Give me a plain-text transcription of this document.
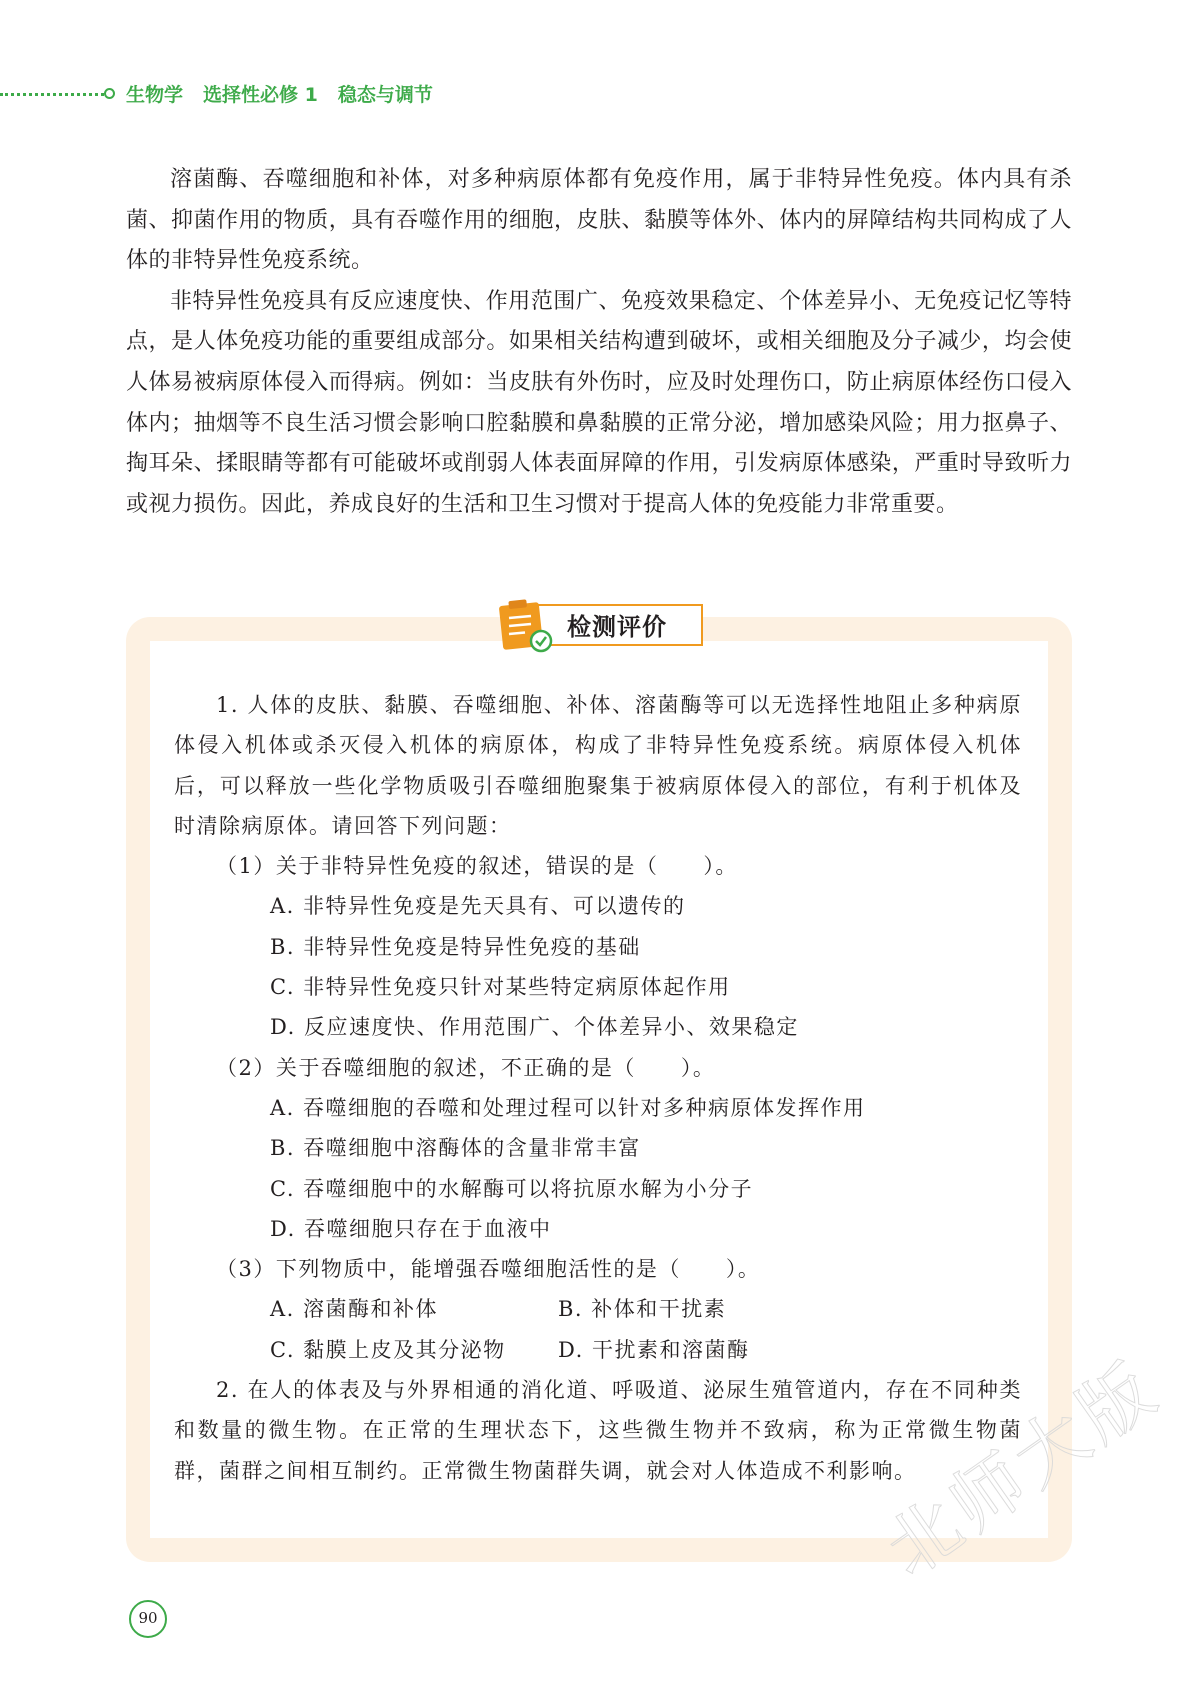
生物学 选择性必修 1 稳态与调节

溶菌酶、吞噬细胞和补体，对多种病原体都有免疫作用，属于非特异性免疫。体内具有杀菌、抑菌作用的物质，具有吞噬作用的细胞，皮肤、黏膜等体外、体内的屏障结构共同构成了人体的非特异性免疫系统。

非特异性免疫具有反应速度快、作用范围广、免疫效果稳定、个体差异小、无免疫记忆等特点，是人体免疫功能的重要组成部分。如果相关结构遭到破坏，或相关细胞及分子减少，均会使人体易被病原体侵入而得病。例如：当皮肤有外伤时，应及时处理伤口，防止病原体经伤口侵入体内；抽烟等不良生活习惯会影响口腔黏膜和鼻黏膜的正常分泌，增加感染风险；用力抠鼻子、掏耳朵、揉眼睛等都有可能破坏或削弱人体表面屏障的作用，引发病原体感染，严重时导致听力或视力损伤。因此，养成良好的生活和卫生习惯对于提高人体的免疫能力非常重要。

检测评价

1. 人体的皮肤、黏膜、吞噬细胞、补体、溶菌酶等可以无选择性地阻止多种病原体侵入机体或杀灭侵入机体的病原体，构成了非特异性免疫系统。病原体侵入机体后，可以释放一些化学物质吸引吞噬细胞聚集于被病原体侵入的部位，有利于机体及时清除病原体。请回答下列问题：

（1）关于非特异性免疫的叙述，错误的是（　　）。

A. 非特异性免疫是先天具有、可以遗传的

B. 非特异性免疫是特异性免疫的基础

C. 非特异性免疫只针对某些特定病原体起作用

D. 反应速度快、作用范围广、个体差异小、效果稳定

（2）关于吞噬细胞的叙述，不正确的是（　　）。

A. 吞噬细胞的吞噬和处理过程可以针对多种病原体发挥作用

B. 吞噬细胞中溶酶体的含量非常丰富

C. 吞噬细胞中的水解酶可以将抗原水解为小分子

D. 吞噬细胞只存在于血液中

（3）下列物质中，能增强吞噬细胞活性的是（　　）。

A. 溶菌酶和补体	B. 补体和干扰素

C. 黏膜上皮及其分泌物	D. 干扰素和溶菌酶

2. 在人的体表及与外界相通的消化道、呼吸道、泌尿生殖管道内，存在不同种类和数量的微生物。在正常的生理状态下，这些微生物并不致病，称为正常微生物菌群，菌群之间相互制约。正常微生物菌群失调，就会对人体造成不利影响。

90
北师大版
